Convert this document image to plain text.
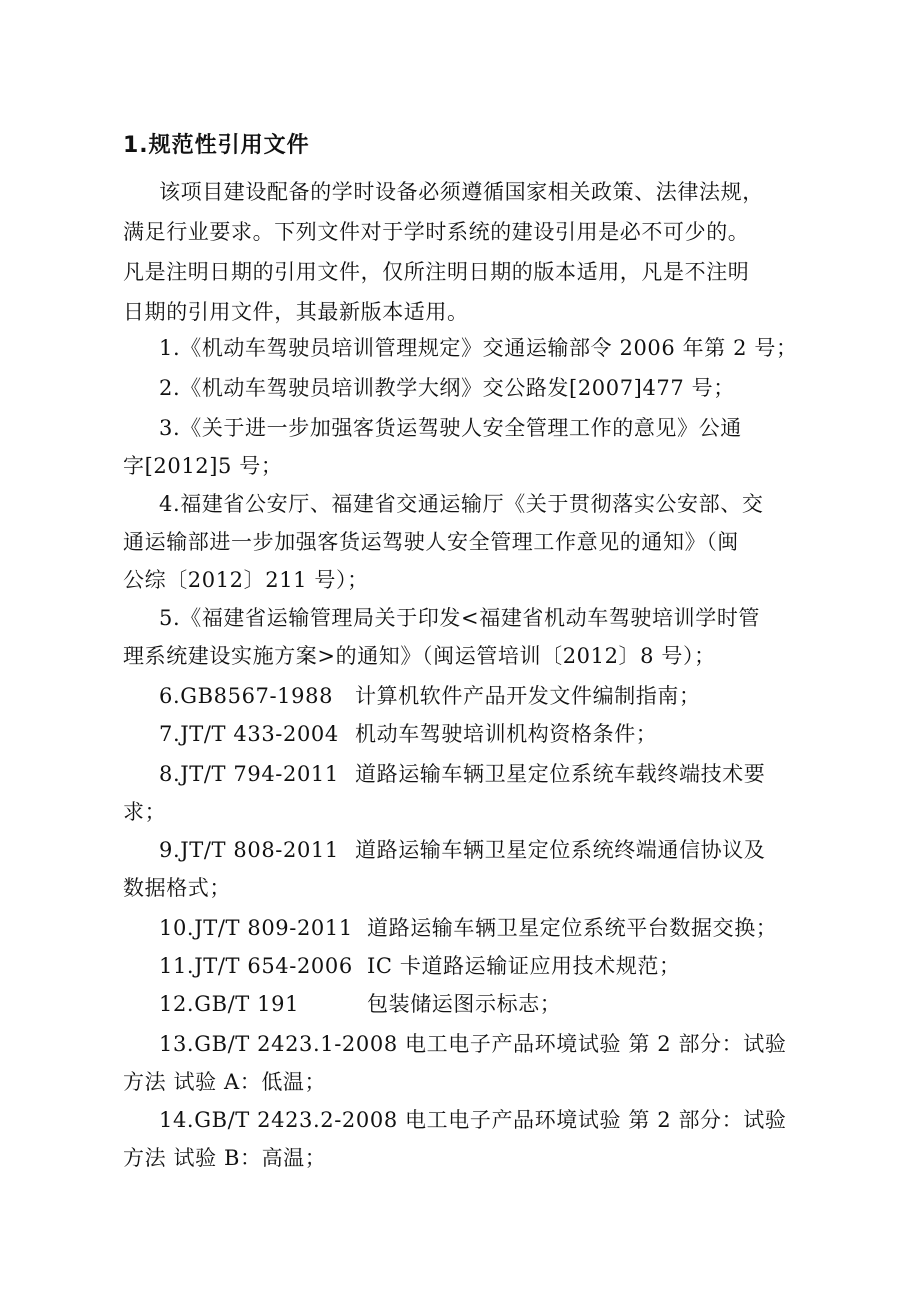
1.规范性引用文件
该项目建设配备的学时设备必须遵循国家相关政策、法律法规，
满足行业要求。下列文件对于学时系统的建设引用是必不可少的。
凡是注明日期的引用文件，仅所注明日期的版本适用，凡是不注明
日期的引用文件，其最新版本适用。
1.《机动车驾驶员培训管理规定》交通运输部令 2006 年第 2 号；
2.《机动车驾驶员培训教学大纲》交公路发[2007]477 号；
3.《关于进一步加强客货运驾驶人安全管理工作的意见》公通
字[2012]5 号；
4.福建省公安厅、福建省交通运输厅《关于贯彻落实公安部、交
通运输部进一步加强客货运驾驶人安全管理工作意见的通知》（闽
公综〔2012〕211 号）；
5.《福建省运输管理局关于印发<福建省机动车驾驶培训学时管
理系统建设实施方案>的通知》（闽运管培训〔2012〕8 号）；
6.GB8567-1988 计算机软件产品开发文件编制指南；
7.JT/T 433-2004 机动车驾驶培训机构资格条件；
8.JT/T 794-2011 道路运输车辆卫星定位系统车载终端技术要
求；
9.JT/T 808-2011 道路运输车辆卫星定位系统终端通信协议及
数据格式；
10.JT/T 809-2011 道路运输车辆卫星定位系统平台数据交换；
11.JT/T 654-2006 IC 卡道路运输证应用技术规范；
12.GB/T 191	包装储运图示标志；
13.GB/T 2423.1-2008 电工电子产品环境试验 第 2 部分：试验
方法 试验 A：低温；
14.GB/T 2423.2-2008 电工电子产品环境试验 第 2 部分：试验
方法 试验 B：高温；
